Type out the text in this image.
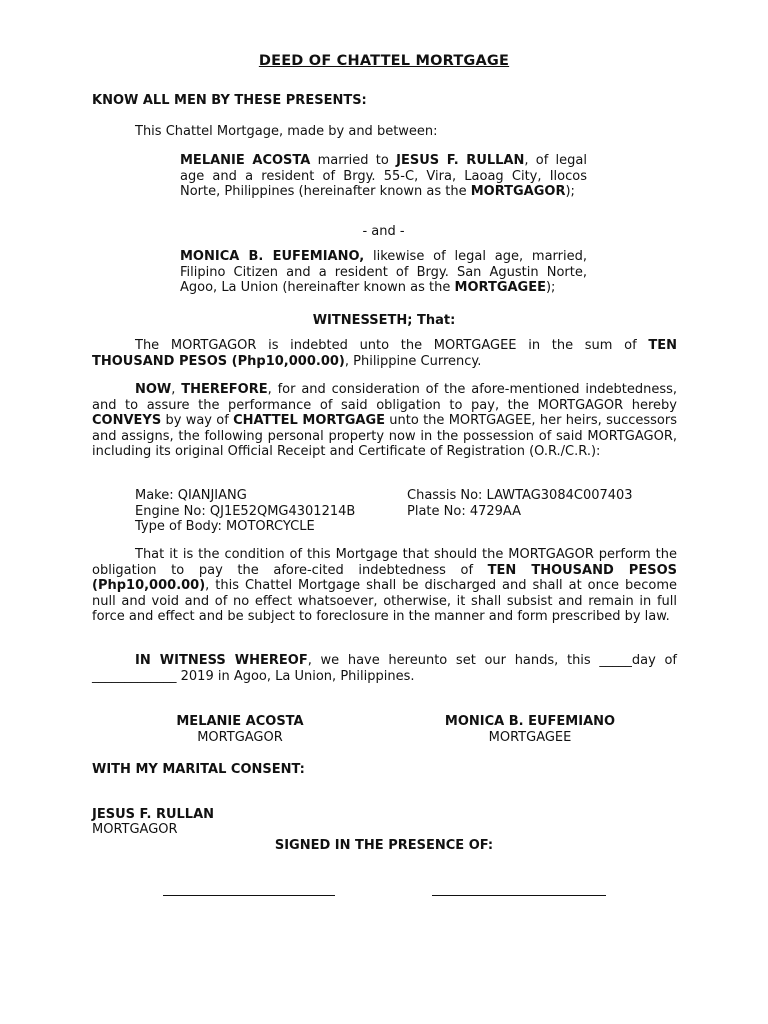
DEED OF CHATTEL MORTGAGE
KNOW ALL MEN BY THESE PRESENTS:
This Chattel Mortgage, made by and between:
MELANIE ACOSTA married to JESUS F. RULLAN, of legal age and a resident of Brgy. 55-C, Vira, Laoag City, Ilocos Norte, Philippines (hereinafter known as the MORTGAGOR);
- and -
MONICA B. EUFEMIANO, likewise of legal age, married, Filipino Citizen and a resident of Brgy. San Agustin Norte, Agoo, La Union (hereinafter known as the MORTGAGEE);
WITNESSETH; That:
The MORTGAGOR is indebted unto the MORTGAGEE in the sum of TEN THOUSAND PESOS (Php10,000.00), Philippine Currency.
NOW, THEREFORE, for and consideration of the afore-mentioned indebtedness, and to assure the performance of said obligation to pay, the MORTGAGOR hereby CONVEYS by way of CHATTEL MORTGAGE unto the MORTGAGEE, her heirs, successors and assigns, the following personal property now in the possession of said MORTGAGOR, including its original Official Receipt and Certificate of Registration (O.R./C.R.):
Make: QIANJIANG
Engine No: QJ1E52QMG4301214B
Type of Body: MOTORCYCLE
Chassis No: LAWTAG3084C007403
Plate No: 4729AA
That it is the condition of this Mortgage that should the MORTGAGOR perform the obligation to pay the afore-cited indebtedness of TEN THOUSAND PESOS (Php10,000.00), this Chattel Mortgage shall be discharged and shall at once become null and void and of no effect whatsoever, otherwise, it shall subsist and remain in full force and effect and be subject to foreclosure in the manner and form prescribed by law.
IN WITNESS WHEREOF, we have hereunto set our hands, this _____day of _____________ 2019 in Agoo, La Union, Philippines.
MELANIE ACOSTA
MORTGAGOR
MONICA B. EUFEMIANO
MORTGAGEE
WITH MY MARITAL CONSENT:
JESUS F. RULLAN
MORTGAGOR
SIGNED IN THE PRESENCE OF:
